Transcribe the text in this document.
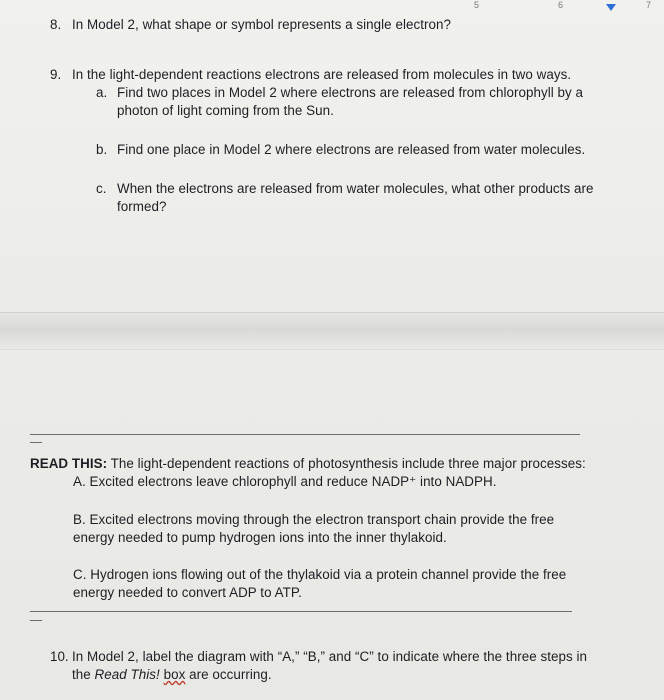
5	6	7
8. In Model 2, what shape or symbol represents a single electron?
9. In the light-dependent reactions electrons are released from molecules in two ways.
a. Find two places in Model 2 where electrons are released from chlorophyll by a
photon of light coming from the Sun.
b. Find one place in Model 2 where electrons are released from water molecules.
c. When the electrons are released from water molecules, what other products are
formed?
READ THIS: The light-dependent reactions of photosynthesis include three major processes:
A. Excited electrons leave chlorophyll and reduce NADP⁺ into NADPH.
B. Excited electrons moving through the electron transport chain provide the free
energy needed to pump hydrogen ions into the inner thylakoid.
C. Hydrogen ions flowing out of the thylakoid via a protein channel provide the free
energy needed to convert ADP to ATP.
10. In Model 2, label the diagram with “A,” “B,” and “C” to indicate where the three steps in
the Read This! box are occurring.
